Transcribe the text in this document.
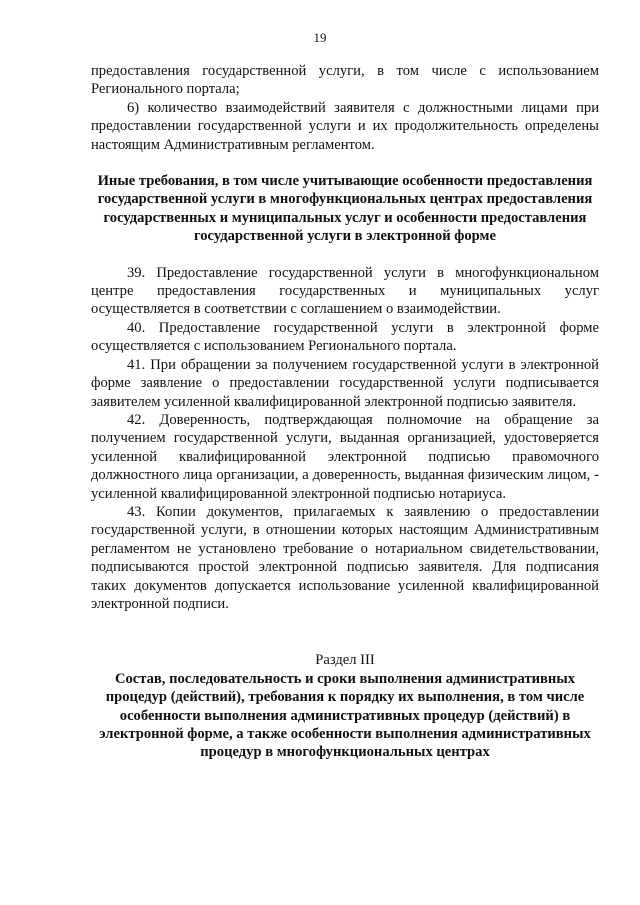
19

предоставления государственной услуги, в том числе с использованием Регионального портала;

6) количество взаимодействий заявителя с должностными лицами при предоставлении государственной услуги и их продолжительность определены настоящим Административным регламентом.

Иные требования, в том числе учитывающие особенности предоставления государственной услуги в многофункциональных центрах предоставления государственных и муниципальных услуг и особенности предоставления государственной услуги в электронной форме

39. Предоставление государственной услуги в многофункциональном центре предоставления государственных и муниципальных услуг осуществляется в соответствии с соглашением о взаимодействии.

40. Предоставление государственной услуги в электронной форме осуществляется с использованием Регионального портала.

41. При обращении за получением государственной услуги в электронной форме заявление о предоставлении государственной услуги подписывается заявителем усиленной квалифицированной электронной подписью заявителя.

42. Доверенность, подтверждающая полномочие на обращение за получением государственной услуги, выданная организацией, удостоверяется усиленной квалифицированной электронной подписью правомочного должностного лица организации, а доверенность, выданная физическим лицом, - усиленной квалифицированной электронной подписью нотариуса.

43. Копии документов, прилагаемых к заявлению о предоставлении государственной услуги, в отношении которых настоящим Административным регламентом не установлено требование о нотариальном свидетельствовании, подписываются простой электронной подписью заявителя. Для подписания таких документов допускается использование усиленной квалифицированной электронной подписи.

Раздел III

Состав, последовательность и сроки выполнения административных процедур (действий), требования к порядку их выполнения, в том числе особенности выполнения административных процедур (действий) в электронной форме, а также особенности выполнения административных процедур в многофункциональных центрах
